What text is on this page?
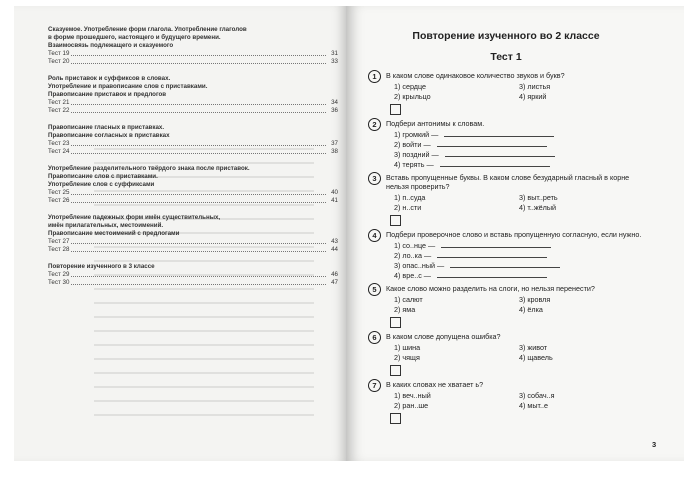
Сказуемое. Употребление форм глагола. Употребление глаголов
в форме прошедшего, настоящего и будущего времени.
Взаимосвязь подлежащего и сказуемого
Тест 19	31
Тест 20	33
Роль приставок и суффиксов в словах.
Употребление и правописание слов с приставками.
Правописание приставок и предлогов
Тест 21	34
Тест 22	36
Правописание гласных в приставках.
Правописание согласных в приставках
Тест 23	37
Тест 24	38
Употребление разделительного твёрдого знака после приставок.
Правописание слов с приставками.
Употребление слов с суффиксами
Тест 25	40
Тест 26	41
Употребление падежных форм имён существительных,
имён прилагательных, местоимений.
Правописание местоимений с предлогами
Тест 27	43
Тест 28	44
Повторение изученного в 3 классе
Тест 29	46
Тест 30	47
Повторение изученного во 2 классе
Тест 1
1	В каком слове одинаковое количество звуков и букв?
1) сердце	3) листья
2) крыльцо	4) яркий
2	Подбери антонимы к словам.
1) громкий —
2) войти —
3) поздний —
4) терять —
3	Вставь пропущенные буквы. В каком слове безударный гласный в корне нельзя проверить?
1) п..суда	3) выт..реть
2) н..сти	4) т..жёлый
4	Подбери проверочное слово и вставь пропущенную согласную, если нужно.
1) со..нце —
2) ло..ка —
3) опас..ный —
4) вре..с —
5	Какое слово можно разделить на слоги, но нельзя перенести?
1) салют	3) кровля
2) яма	4) ёлка
6	В каком слове допущена ошибка?
1) шина	3) живот
2) чящя	4) щавель
7	В каких словах не хватает ь?
1) веч..ный	3) собач..я
2) ран..ше	4) мыт..е
3
